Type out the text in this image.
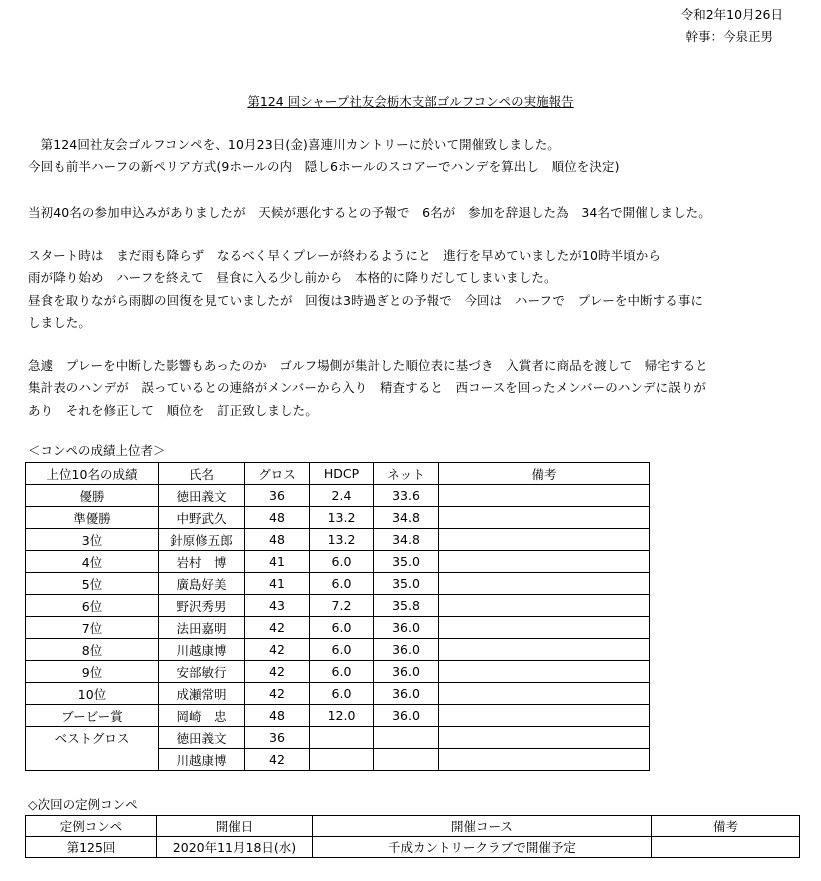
令和2年10月26日
幹事：今泉正男
第124 回シャープ社友会栃木支部ゴルフコンペの実施報告
　第124回社友会ゴルフコンペを、10月23日(金)喜連川カントリーに於いて開催致しました。
今回も前半ハーフの新ペリア方式(9ホールの内　隠し6ホールのスコアーでハンデを算出し　順位を決定)
当初40名の参加申込みがありましたが　天候が悪化するとの予報で　6名が　参加を辞退した為　34名で開催しました。
スタート時は　まだ雨も降らず　なるべく早くプレーが終わるようにと　進行を早めていましたが10時半頃から
雨が降り始め　ハーフを終えて　昼食に入る少し前から　本格的に降りだしてしまいました。
昼食を取りながら雨脚の回復を見ていましたが　回復は3時過ぎとの予報で　今回は　ハーフで　プレーを中断する事に
しました。
急遽　プレーを中断した影響もあったのか　ゴルフ場側が集計した順位表に基づき　入賞者に商品を渡して　帰宅すると
集計表のハンデが　誤っているとの連絡がメンバーから入り　精査すると　西コースを回ったメンバーのハンデに誤りが
あり　それを修正して　順位を　訂正致しました。
＜コンペの成績上位者＞
上位10名の成績	氏名	グロス	HDCP	ネット	備考
優勝	徳田義文	36	2.4	33.6	
準優勝	中野武久	48	13.2	34.8	
3位	針原修五郎	48	13.2	34.8	
4位	岩村　博	41	6.0	35.0	
5位	廣島好美	41	6.0	35.0	
6位	野沢秀男	43	7.2	35.8	
7位	法田嘉明	42	6.0	36.0	
8位	川越康博	42	6.0	36.0	
9位	安部敏行	42	6.0	36.0	
10位	成瀬常明	42	6.0	36.0	
ブービー賞	岡崎　忠	48	12.0	36.0	
ベストグロス	徳田義文	36			
	川越康博	42			
◇次回の定例コンペ
定例コンペ	開催日	開催コース	備考
第125回	2020年11月18日(水)	千成カントリークラブで開催予定	
